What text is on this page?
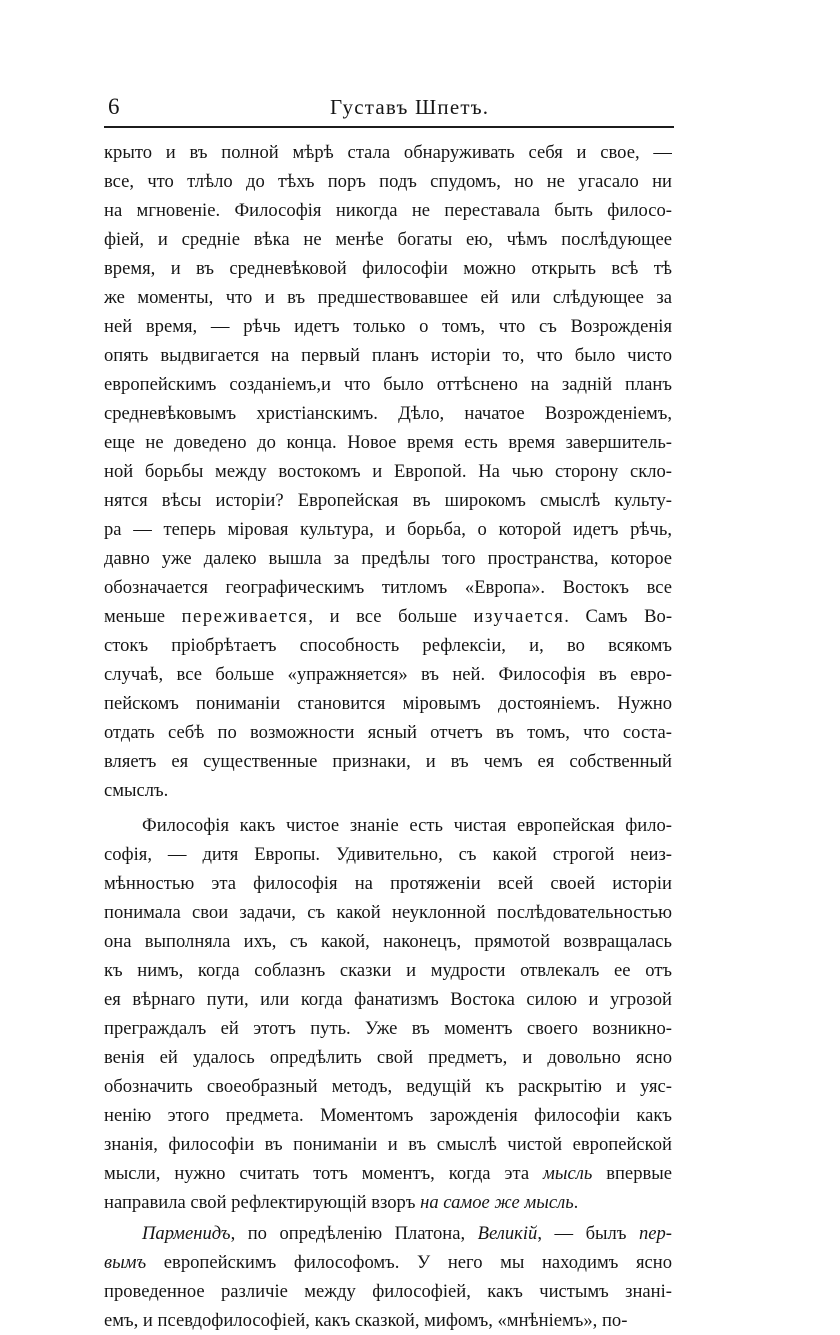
6	Густавъ Шпетъ.
крыто и въ полной мѣрѣ стала обнаруживать себя и свое, —
все, что тлѣло до тѣхъ поръ подъ спудомъ, но не угасало ни
на мгновеніе. Философія никогда не переставала быть филосо-
фіей, и средніе вѣка не менѣе богаты ею, чѣмъ послѣдующее
время, и въ средневѣковой философіи можно открыть всѣ тѣ
же моменты, что и въ предшествовавшее ей или слѣдующее за
ней время, — рѣчь идетъ только о томъ, что съ Возрожденія
опять выдвигается на первый планъ исторіи то, что было чисто
европейскимъ созданіемъ,и что было оттѣснено на задній планъ
средневѣковымъ христіанскимъ. Дѣло, начатое Возрожденіемъ,
еще не доведено до конца. Новое время есть время завершитель-
ной борьбы между востокомъ и Европой. На чью сторону скло-
нятся вѣсы исторіи? Европейская въ широкомъ смыслѣ культу-
ра — теперь міровая культура, и борьба, о которой идетъ рѣчь,
давно уже далеко вышла за предѣлы того пространства, которое
обозначается географическимъ титломъ «Европа». Востокъ все
меньше переживается, и все больше изучается. Самъ Во-
стокъ пріобрѣтаетъ способность рефлексіи, и, во всякомъ
случаѣ, все больше «упражняется» въ ней. Философія въ евро-
пейскомъ пониманіи становится міровымъ достояніемъ. Нужно
отдать себѣ по возможности ясный отчетъ въ томъ, что соста-
вляетъ ея существенные признаки, и въ чемъ ея собственный
смыслъ.
Философія какъ чистое знаніе есть чистая европейская фило-
софія, — дитя Европы. Удивительно, съ какой строгой неиз-
мѣнностью эта философія на протяженіи всей своей исторіи
понимала свои задачи, съ какой неуклонной послѣдовательностью
она выполняла ихъ, съ какой, наконецъ, прямотой возвращалась
къ нимъ, когда соблазнъ сказки и мудрости отвлекалъ ее отъ
ея вѣрнаго пути, или когда фанатизмъ Востока силою и угрозой
преграждалъ ей этотъ путь. Уже въ моментъ своего возникно-
венія ей удалось опредѣлить свой предметъ, и довольно ясно
обозначить своеобразный методъ, ведущій къ раскрытію и уяс-
ненію этого предмета. Моментомъ зарожденія философіи какъ
знанія, философіи въ пониманіи и въ смыслѣ чистой европейской
мысли, нужно считать тотъ моментъ, когда эта мысль впервые
направила свой рефлектирующій взоръ на самое же мысль.
Парменидъ, по опредѣленію Платона, Великій, — былъ пер-
вымъ европейскимъ философомъ. У него мы находимъ ясно
проведенное различіе между философіей, какъ чистымъ знані-
емъ, и псевдофилософіей, какъ сказкой, мифомъ, «мнѣніемъ», по-
